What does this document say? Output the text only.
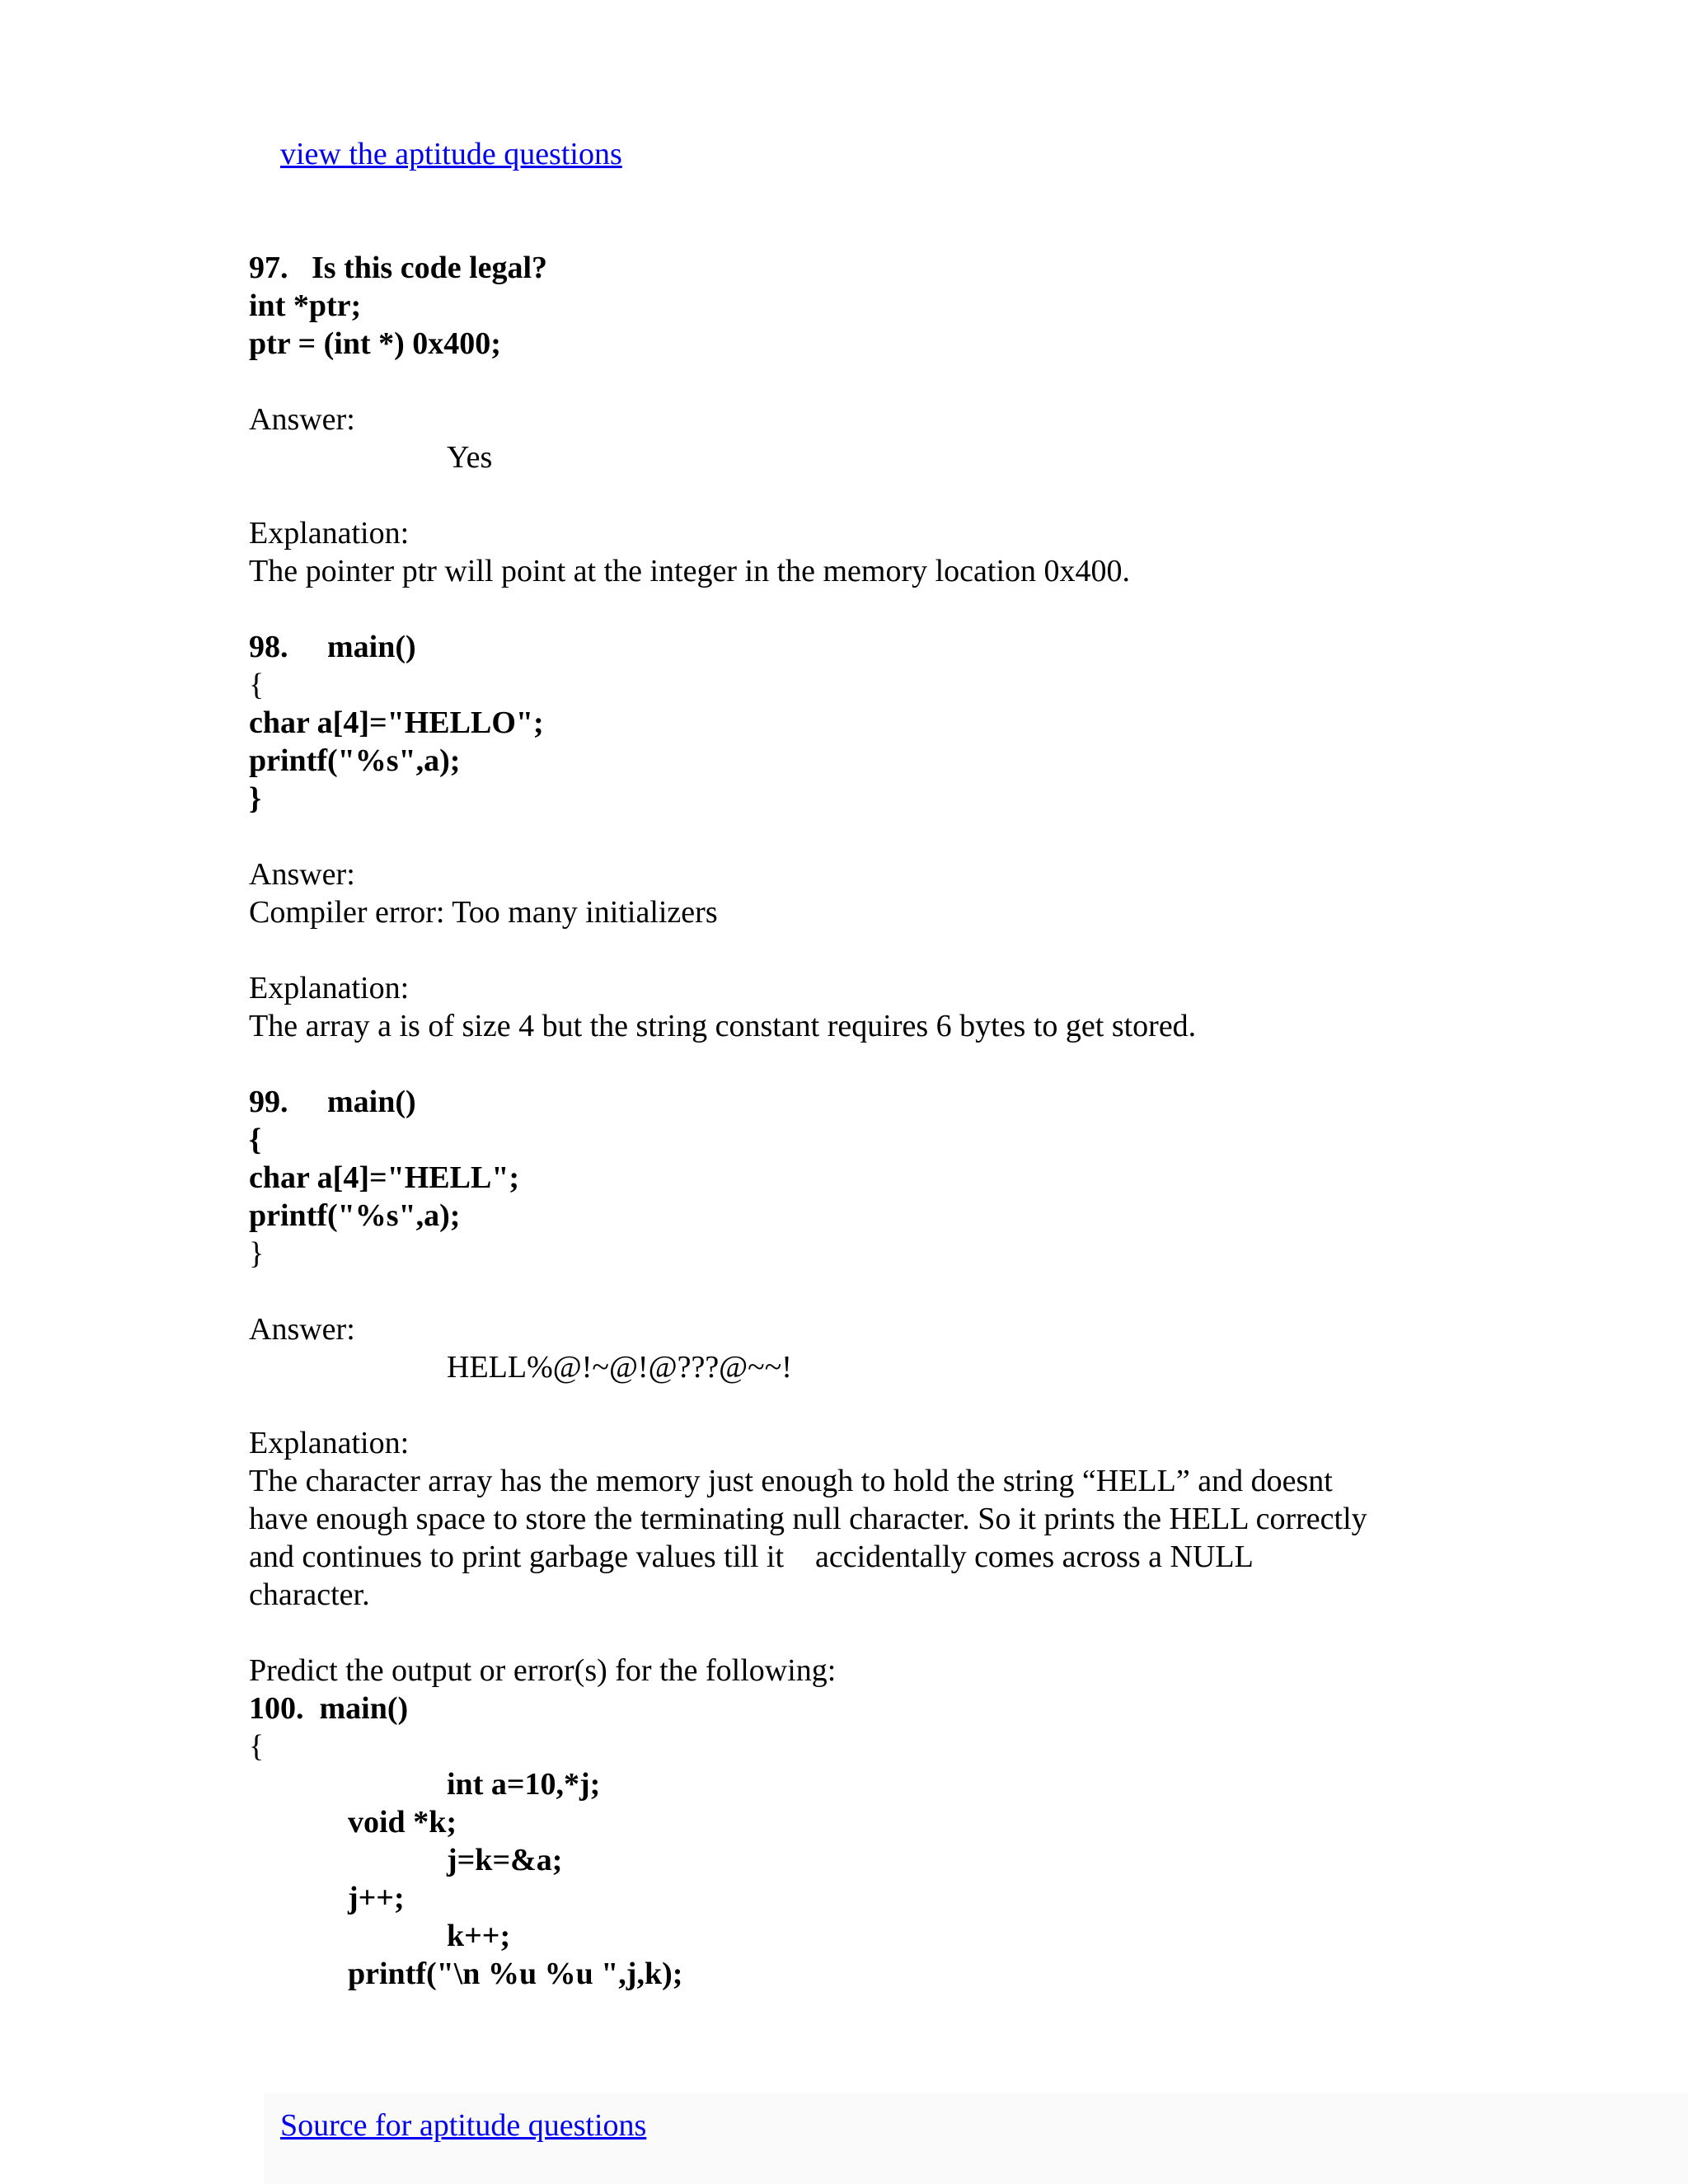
view the aptitude questions

97.   Is this code legal?
int *ptr;
ptr = (int *) 0x400;
Answer:
Yes
Explanation:
The pointer ptr will point at the integer in the memory location 0x400.
98.     main()
{
char a[4]="HELLO";
printf("%s",a);
}
Answer:
Compiler error: Too many initializers
Explanation:
The array a is of size 4 but the string constant requires 6 bytes to get stored.
99.     main()
{
char a[4]="HELL";
printf("%s",a);
}
Answer:
HELL%@!~@!@???@~~!
Explanation:
The character array has the memory just enough to hold the string “HELL” and doesnt
have enough space to store the terminating null character. So it prints the HELL correctly
and continues to print garbage values till it    accidentally comes across a NULL
character.
Predict the output or error(s) for the following:
100.  main()
{
int a=10,*j;
void *k;
j=k=&a;
j++;
k++;
printf("\n %u %u ",j,k);

Source for aptitude questions
